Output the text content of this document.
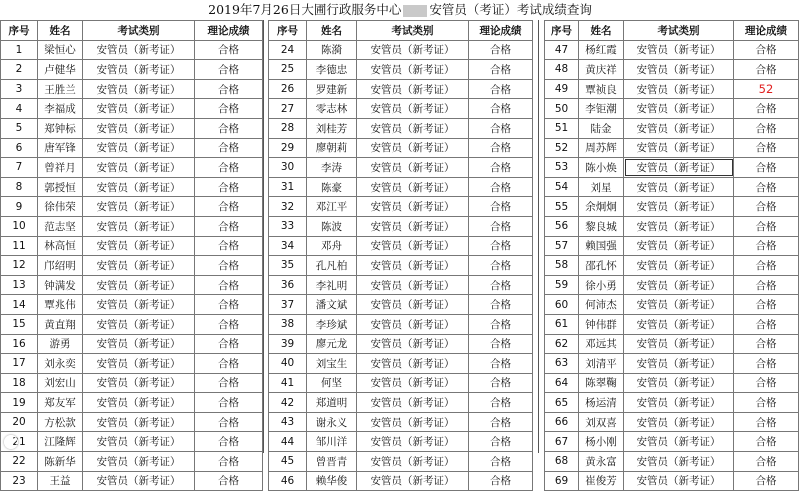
2019年7月26日大圃行政服务中心 安管员（考证）考试成绩查询
序号	姓名	考试类别	理论成绩
1	梁恒心	安管员（新考证）	合格
2	卢健华	安管员（新考证）	合格
3	王胜兰	安管员（新考证）	合格
4	李福成	安管员（新考证）	合格
5	郑钟标	安管员（新考证）	合格
6	唐军锋	安管员（新考证）	合格
7	曾祥月	安管员（新考证）	合格
8	郭授恒	安管员（新考证）	合格
9	徐伟荣	安管员（新考证）	合格
10	范志坚	安管员（新考证）	合格
11	林高恒	安管员（新考证）	合格
12	邝绍明	安管员（新考证）	合格
13	钟满发	安管员（新考证）	合格
14	覃兆伟	安管员（新考证）	合格
15	黄直翔	安管员（新考证）	合格
16	游勇	安管员（新考证）	合格
17	刘永奕	安管员（新考证）	合格
18	刘宏山	安管员（新考证）	合格
19	郑友军	安管员（新考证）	合格
20	方松款	安管员（新考证）	合格
21	江隆辉	安管员（新考证）	合格
22	陈新华	安管员（新考证）	合格
23	王益	安管员（新考证）	合格
序号	姓名	考试类别	理论成绩
24	陈漪	安管员（新考证）	合格
25	李德忠	安管员（新考证）	合格
26	罗建新	安管员（新考证）	合格
27	零志林	安管员（新考证）	合格
28	刘桂芳	安管员（新考证）	合格
29	廖朝莉	安管员（新考证）	合格
30	李涛	安管员（新考证）	合格
31	陈豪	安管员（新考证）	合格
32	邓江平	安管员（新考证）	合格
33	陈波	安管员（新考证）	合格
34	邓舟	安管员（新考证）	合格
35	孔凡柏	安管员（新考证）	合格
36	李礼明	安管员（新考证）	合格
37	潘文斌	安管员（新考证）	合格
38	李珍斌	安管员（新考证）	合格
39	廖元龙	安管员（新考证）	合格
40	刘宝生	安管员（新考证）	合格
41	何坚	安管员（新考证）	合格
42	郑道明	安管员（新考证）	合格
43	谢永义	安管员（新考证）	合格
44	邹川洋	安管员（新考证）	合格
45	曾晋青	安管员（新考证）	合格
46	赖华俊	安管员（新考证）	合格
序号	姓名	考试类别	理论成绩
47	杨红霞	安管员（新考证）	合格
48	黄庆祥	安管员（新考证）	合格
49	覃祯良	安管员（新考证）	52
50	李钜潮	安管员（新考证）	合格
51	陆金	安管员（新考证）	合格
52	周苏辉	安管员（新考证）	合格
53	陈小焕	安管员（新考证）	合格
54	刘星	安管员（新考证）	合格
55	余炯炯	安管员（新考证）	合格
56	黎良城	安管员（新考证）	合格
57	赖国强	安管员（新考证）	合格
58	邵孔怀	安管员（新考证）	合格
59	徐小勇	安管员（新考证）	合格
60	何沛杰	安管员（新考证）	合格
61	钟伟群	安管员（新考证）	合格
62	邓远其	安管员（新考证）	合格
63	刘清平	安管员（新考证）	合格
64	陈翠鞠	安管员（新考证）	合格
65	杨运清	安管员（新考证）	合格
66	刘双喜	安管员（新考证）	合格
67	杨小刚	安管员（新考证）	合格
68	黄永富	安管员（新考证）	合格
69	崔俊芳	安管员（新考证）	合格
